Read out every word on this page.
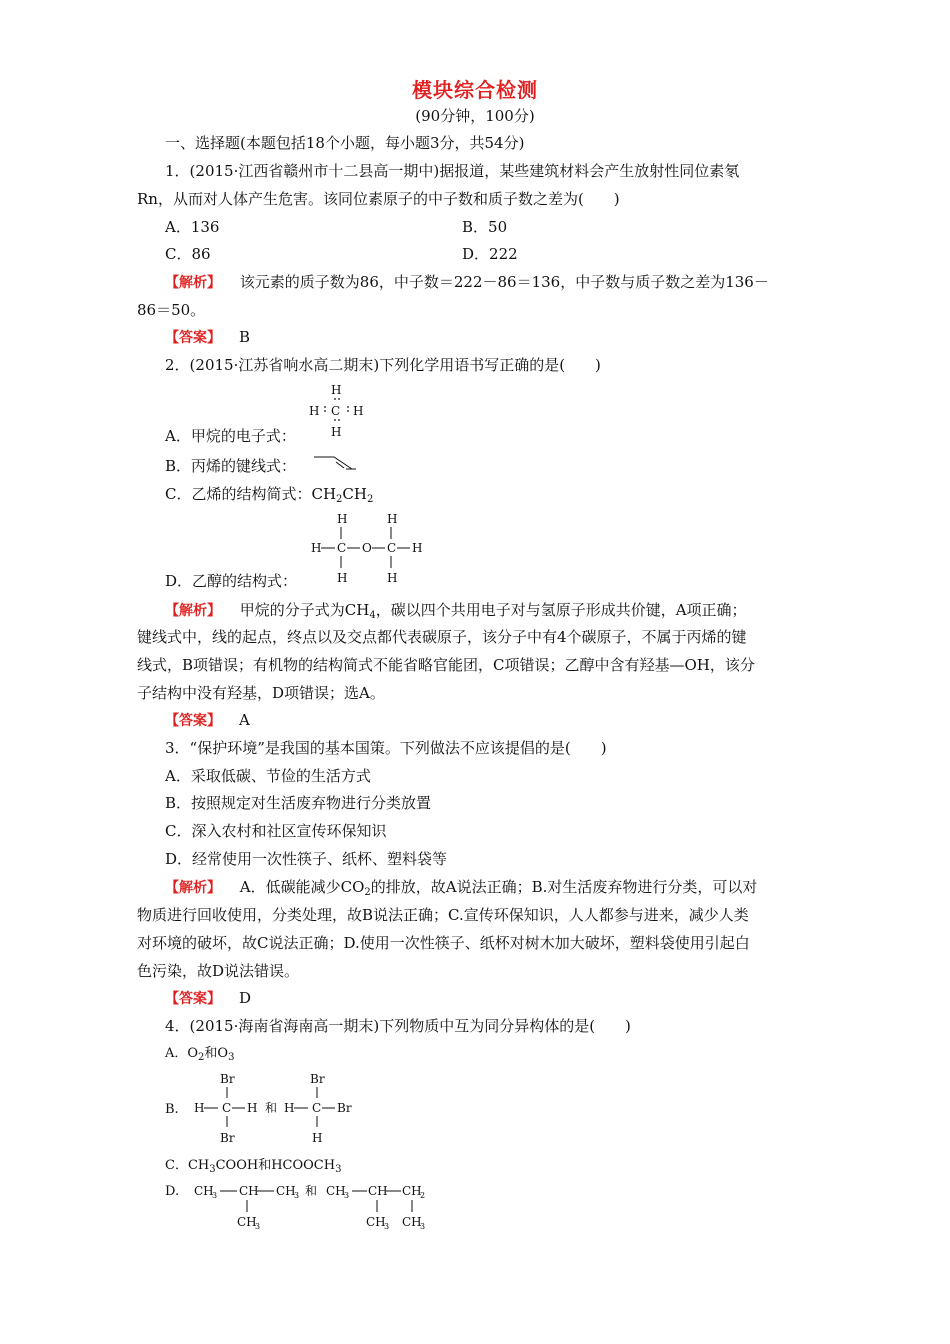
模块综合检测
(90分钟，100分)
一、选择题(本题包括18个小题，每小题3分，共54分)
1．(2015·江西省赣州市十二县高一期中)据报道，某些建筑材料会产生放射性同位素氡
Rn，从而对人体产生危害。该同位素原子的中子数和质子数之差为(　　)
A．136	B．50
C．86	D．222
【解析】 该元素的质子数为86，中子数＝222－86＝136，中子数与质子数之差为136－
86＝50。
【答案】 B
2．(2015·江苏省响水高二期末)下列化学用语书写正确的是(　　)
H
C
H	H
H
A．甲烷的电子式：
B．丙烯的键线式：
C．乙烯的结构简式：$CH_2CH_2$
H	H
H C O C H
H	H
D．乙醇的结构式：
【解析】 甲烷的分子式为$CH_4$，碳以四个共用电子对与氢原子形成共价键，A项正确；
键线式中，线的起点，终点以及交点都代表碳原子，该分子中有4个碳原子，不属于丙烯的键
线式，B项错误；有机物的结构简式不能省略官能团，C项错误；乙醇中含有羟基—OH，该分
子结构中没有羟基，D项错误；选A。
【答案】 A
3．“保护环境”是我国的基本国策。下列做法不应该提倡的是(　　)
A．采取低碳、节俭的生活方式
B．按照规定对生活废弃物进行分类放置
C．深入农村和社区宣传环保知识
D．经常使用一次性筷子、纸杯、塑料袋等
【解析】 A．低碳能减少$CO_2$的排放，故A说法正确；B.对生活废弃物进行分类，可以对
物质进行回收使用，分类处理，故B说法正确；C.宣传环保知识，人人都参与进来，减少人类
对环境的破坏，故C说法正确；D.使用一次性筷子、纸杯对树木加大破坏，塑料袋使用引起白
色污染，故D说法错误。
【答案】 D
4．(2015·海南省海南高一期末)下列物质中互为同分异构体的是(　　)
A．$O_2$和$O_3$
B.
Br
H C H
Br
和
Br
H C Br
H
C．$CH_3COOH$和$HCOOCH_3$
D. CH
3 CH CH
3
CH
3
和 CH
3 CH CH
2
CH
3 CH
3
